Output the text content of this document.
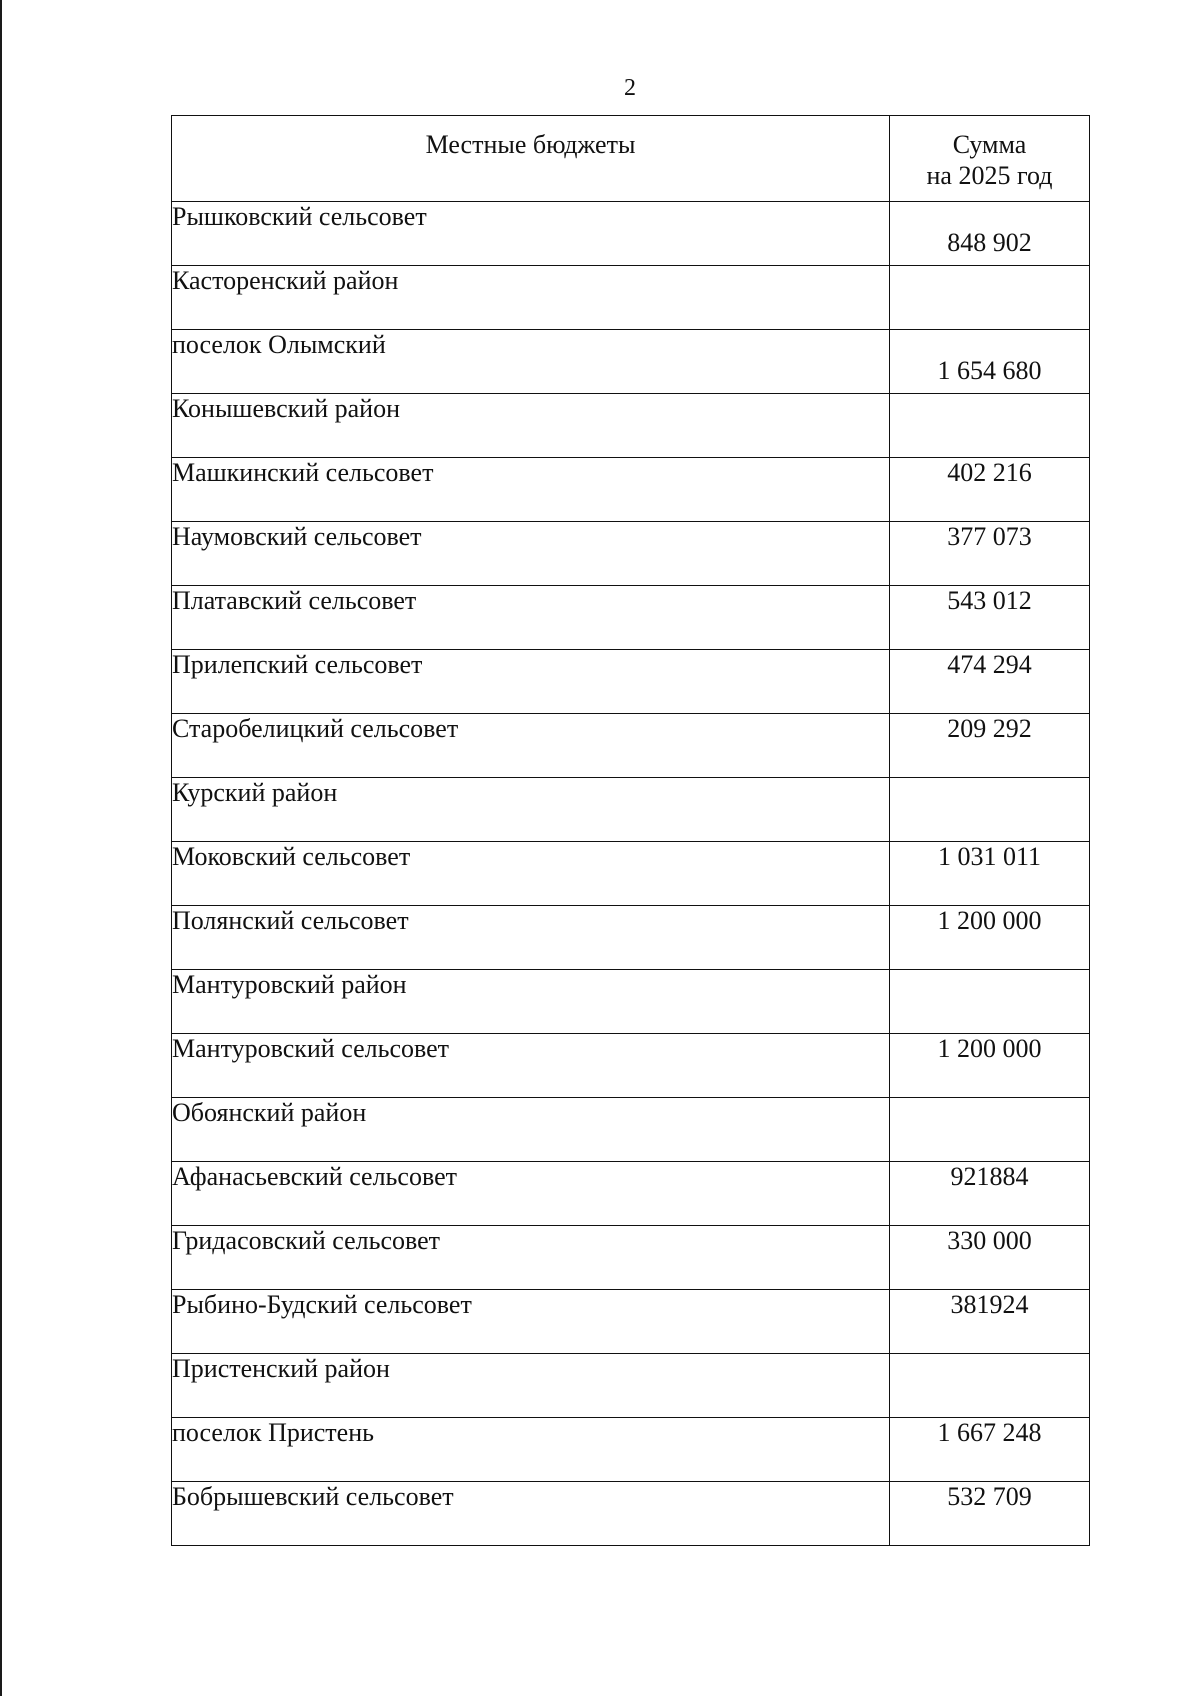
2
Местные бюджеты	Сумма
на 2025 год

Рышковский сельсовет	848 902
Касторенский район	
поселок Олымский	1 654 680
Конышевский район	
Машкинский сельсовет	402 216
Наумовский сельсовет	377 073
Платавский сельсовет	543 012
Прилепский сельсовет	474 294
Старобелицкий сельсовет	209 292
Курский район	
Моковский сельсовет	1 031 011
Полянский сельсовет	1 200 000
Мантуровский район	
Мантуровский сельсовет	1 200 000
Обоянский район	
Афанасьевский сельсовет	921884
Гридасовский сельсовет	330 000
Рыбино-Будский сельсовет	381924
Пристенский район	
поселок Пристень	1 667 248
Бобрышевский сельсовет	532 709
